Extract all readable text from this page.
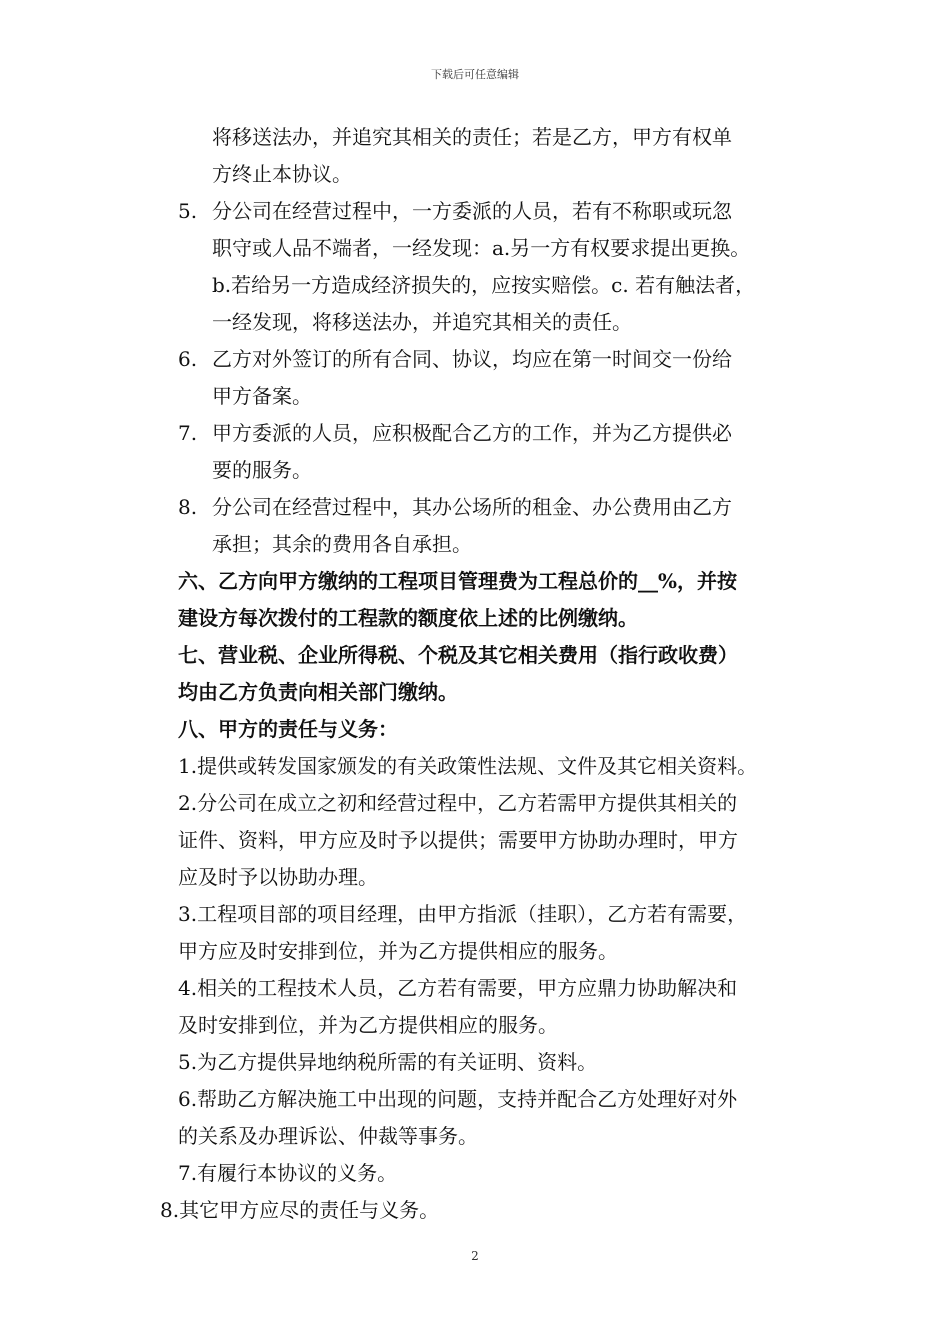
下载后可任意编辑
将移送法办，并追究其相关的责任；若是乙方，甲方有权单
方终止本协议。
5. 分公司在经营过程中，一方委派的人员，若有不称职或玩忽
职守或人品不端者，一经发现：a.另一方有权要求提出更换。
b.若给另一方造成经济损失的，应按实赔偿。c. 若有触法者，
一经发现，将移送法办，并追究其相关的责任。
6. 乙方对外签订的所有合同、协议，均应在第一时间交一份给
甲方备案。
7. 甲方委派的人员，应积极配合乙方的工作，并为乙方提供必
要的服务。
8. 分公司在经营过程中，其办公场所的租金、办公费用由乙方
承担；其余的费用各自承担。
六、乙方向甲方缴纳的工程项目管理费为工程总价的__%，并按
建设方每次拨付的工程款的额度依上述的比例缴纳。
七、营业税、企业所得税、个税及其它相关费用（指行政收费）
均由乙方负责向相关部门缴纳。
八、甲方的责任与义务：
1.提供或转发国家颁发的有关政策性法规、文件及其它相关资料。
2.分公司在成立之初和经营过程中，乙方若需甲方提供其相关的
证件、资料，甲方应及时予以提供；需要甲方协助办理时，甲方
应及时予以协助办理。
3.工程项目部的项目经理，由甲方指派（挂职），乙方若有需要，
甲方应及时安排到位，并为乙方提供相应的服务。
4.相关的工程技术人员，乙方若有需要，甲方应鼎力协助解决和
及时安排到位，并为乙方提供相应的服务。
5.为乙方提供异地纳税所需的有关证明、资料。
6.帮助乙方解决施工中出现的问题，支持并配合乙方处理好对外
的关系及办理诉讼、仲裁等事务。
7.有履行本协议的义务。
8.其它甲方应尽的责任与义务。
2
